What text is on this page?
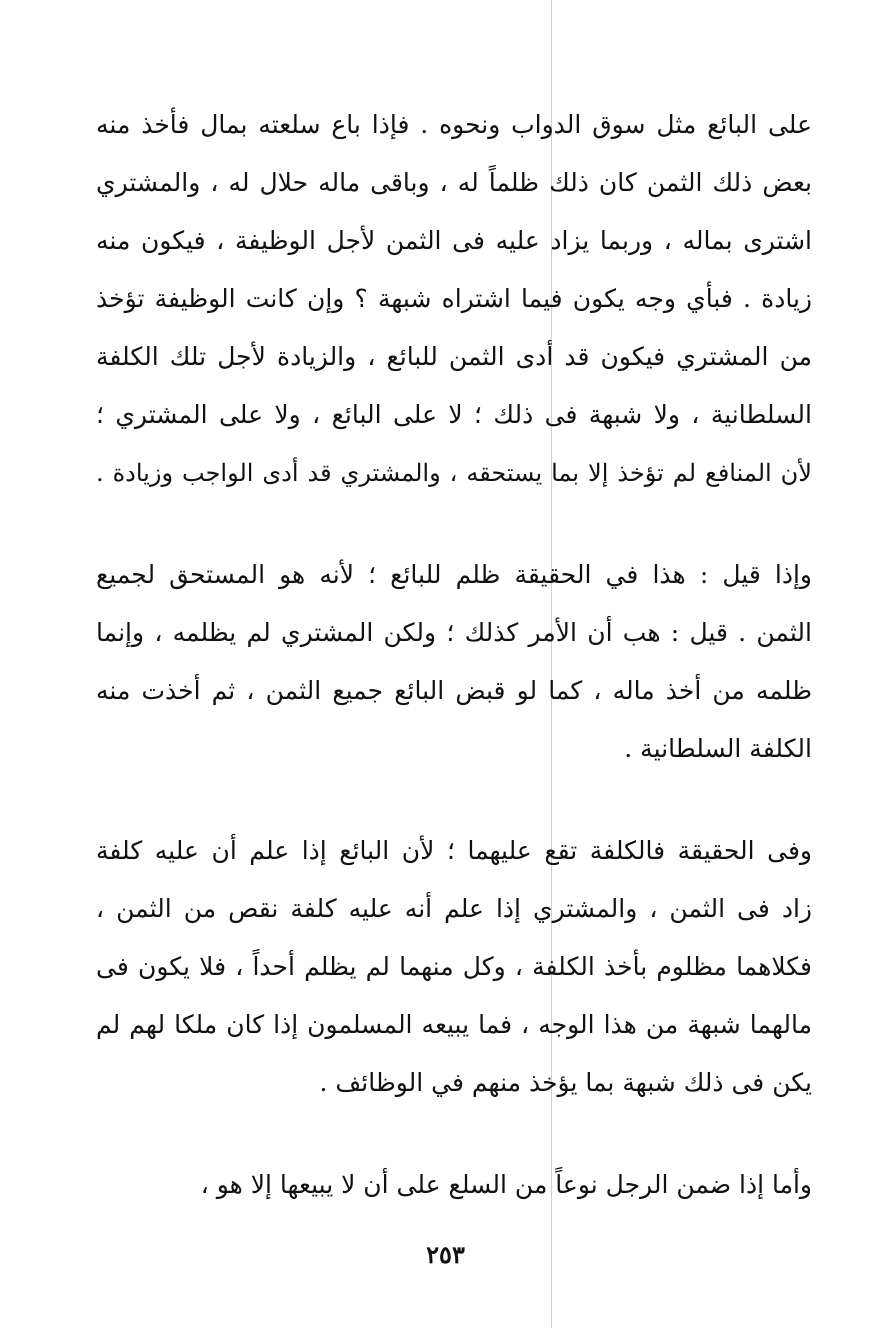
على البائع مثل سوق الدواب ونحوه . فإذا باع سلعته بمال فأخذ منه
بعض ذلك الثمن كان ذلك ظلماً له ، وباقى ماله حلال له ، والمشتري
اشترى بماله ، وربما يزاد عليه فى الثمن لأجل الوظيفة ، فيكون منه
زيادة . فبأي وجه يكون فيما اشتراه شبهة ؟ وإن كانت الوظيفة تؤخذ
من المشتري فيكون قد أدى الثمن للبائع ، والزيادة لأجل تلك الكلفة
السلطانية ، ولا شبهة فى ذلك ؛ لا على البائع ، ولا على المشتري ؛
لأن المنافع لم تؤخذ إلا بما يستحقه ، والمشتري قد أدى الواجب وزيادة .
وإذا قيل : هذا في الحقيقة ظلم للبائع ؛ لأنه هو المستحق لجميع
الثمن . قيل : هب أن الأمر كذلك ؛ ولكن المشتري لم يظلمه ، وإنما
ظلمه من أخذ ماله ، كما لو قبض البائع جميع الثمن ، ثم أخذت منه
الكلفة السلطانية .
وفى الحقيقة فالكلفة تقع عليهما ؛ لأن البائع إذا علم أن عليه كلفة
زاد فى الثمن ، والمشتري إذا علم أنه عليه كلفة نقص من الثمن ،
فكلاهما مظلوم بأخذ الكلفة ، وكل منهما لم يظلم أحداً ، فلا يكون فى
مالهما شبهة من هذا الوجه ، فما يبيعه المسلمون إذا كان ملكا لهم لم
يكن فى ذلك شبهة بما يؤخذ منهم في الوظائف .
وأما إذا ضمن الرجل نوعاً من السلع على أن لا يبيعها إلا هو ،
٢٥٣
